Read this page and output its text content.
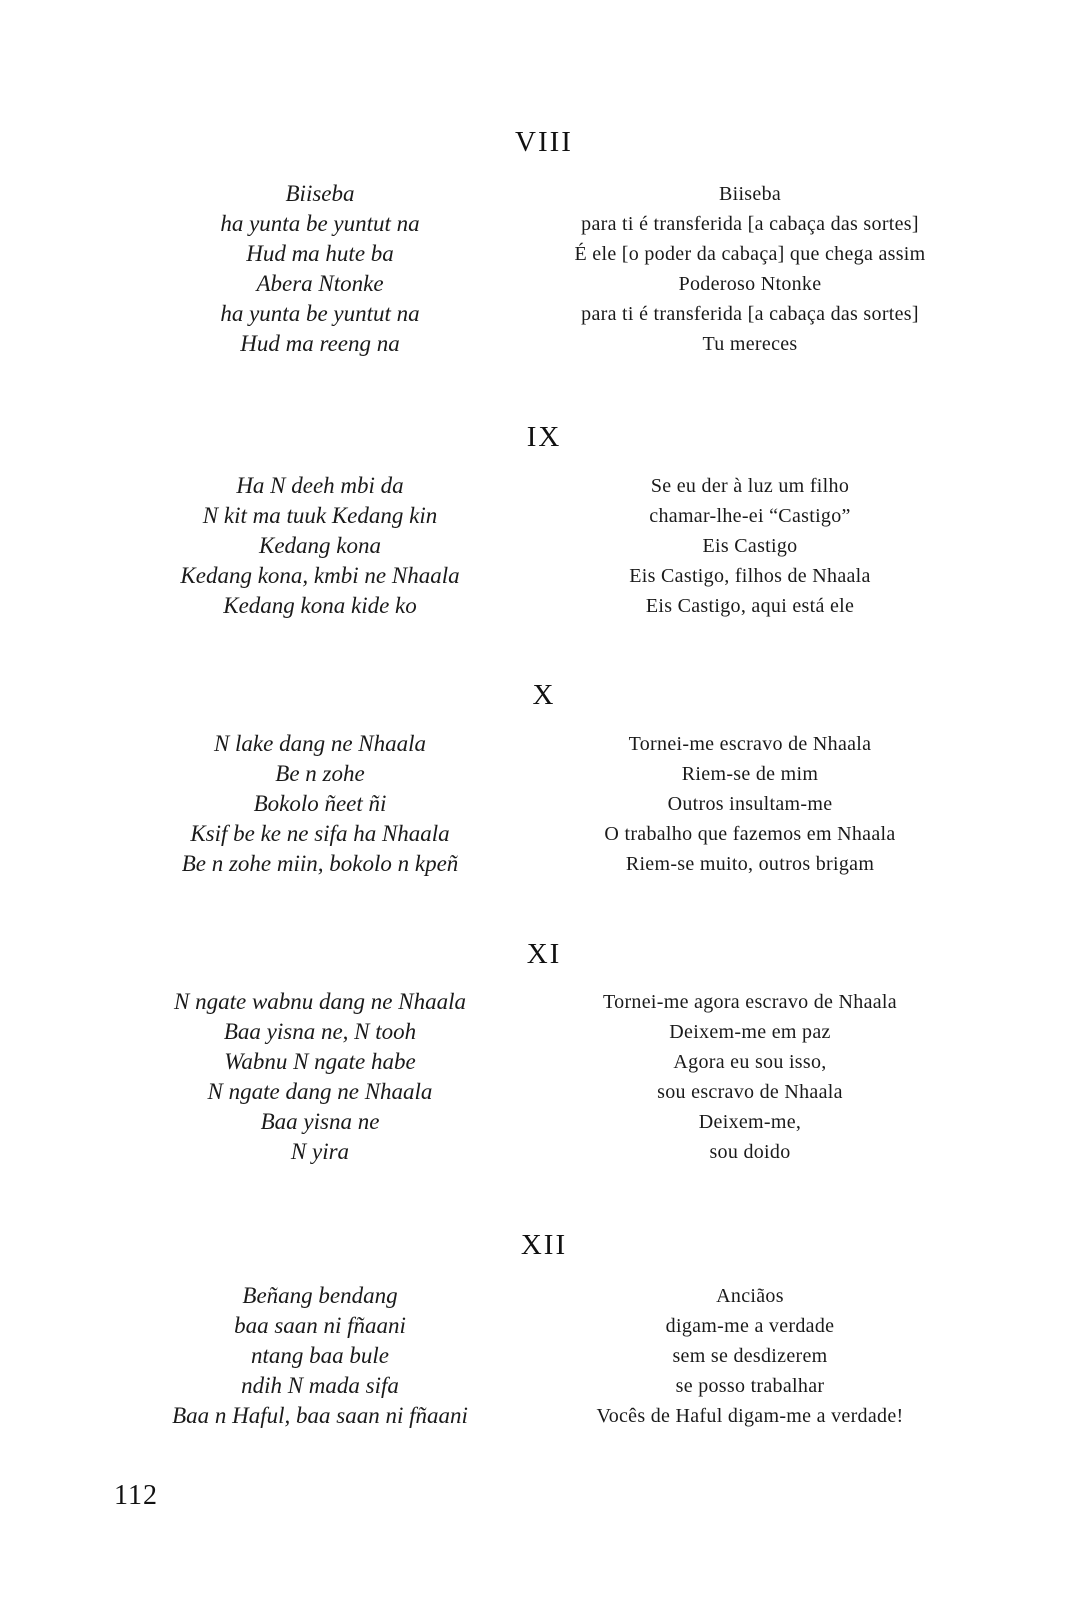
VIII
Biiseba
ha yunta be yuntut na
Hud ma hute ba
Abera Ntonke
ha yunta be yuntut na
Hud ma reeng na
Biiseba
para ti é transferida [a cabaça das sortes]
É ele [o poder da cabaça] que chega assim
Poderoso Ntonke
para ti é transferida [a cabaça das sortes]
Tu mereces
IX
Ha N deeh mbi da
N kit ma tuuk Kedang kin
Kedang kona
Kedang kona, kmbi ne Nhaala
Kedang kona kide ko
Se eu der à luz um filho
chamar-lhe-ei “Castigo”
Eis Castigo
Eis Castigo, filhos de Nhaala
Eis Castigo, aqui está ele
X
N lake dang ne Nhaala
Be n zohe
Bokolo ñeet ñi
Ksif be ke ne sifa ha Nhaala
Be n zohe miin, bokolo n kpeñ
Tornei-me escravo de Nhaala
Riem-se de mim
Outros insultam-me
O trabalho que fazemos em Nhaala
Riem-se muito, outros brigam
XI
N ngate wabnu dang ne Nhaala
Baa yisna ne, N tooh
Wabnu N ngate habe
N ngate dang ne Nhaala
Baa yisna ne
N yira
Tornei-me agora escravo de Nhaala
Deixem-me em paz
Agora eu sou isso,
sou escravo de Nhaala
Deixem-me,
sou doido
XII
Beñang bendang
baa saan ni fñaani
ntang baa bule
ndih N mada sifa
Baa n Haful, baa saan ni fñaani
Anciãos
digam-me a verdade
sem se desdizerem
se posso trabalhar
Vocês de Haful digam-me a verdade!
112
